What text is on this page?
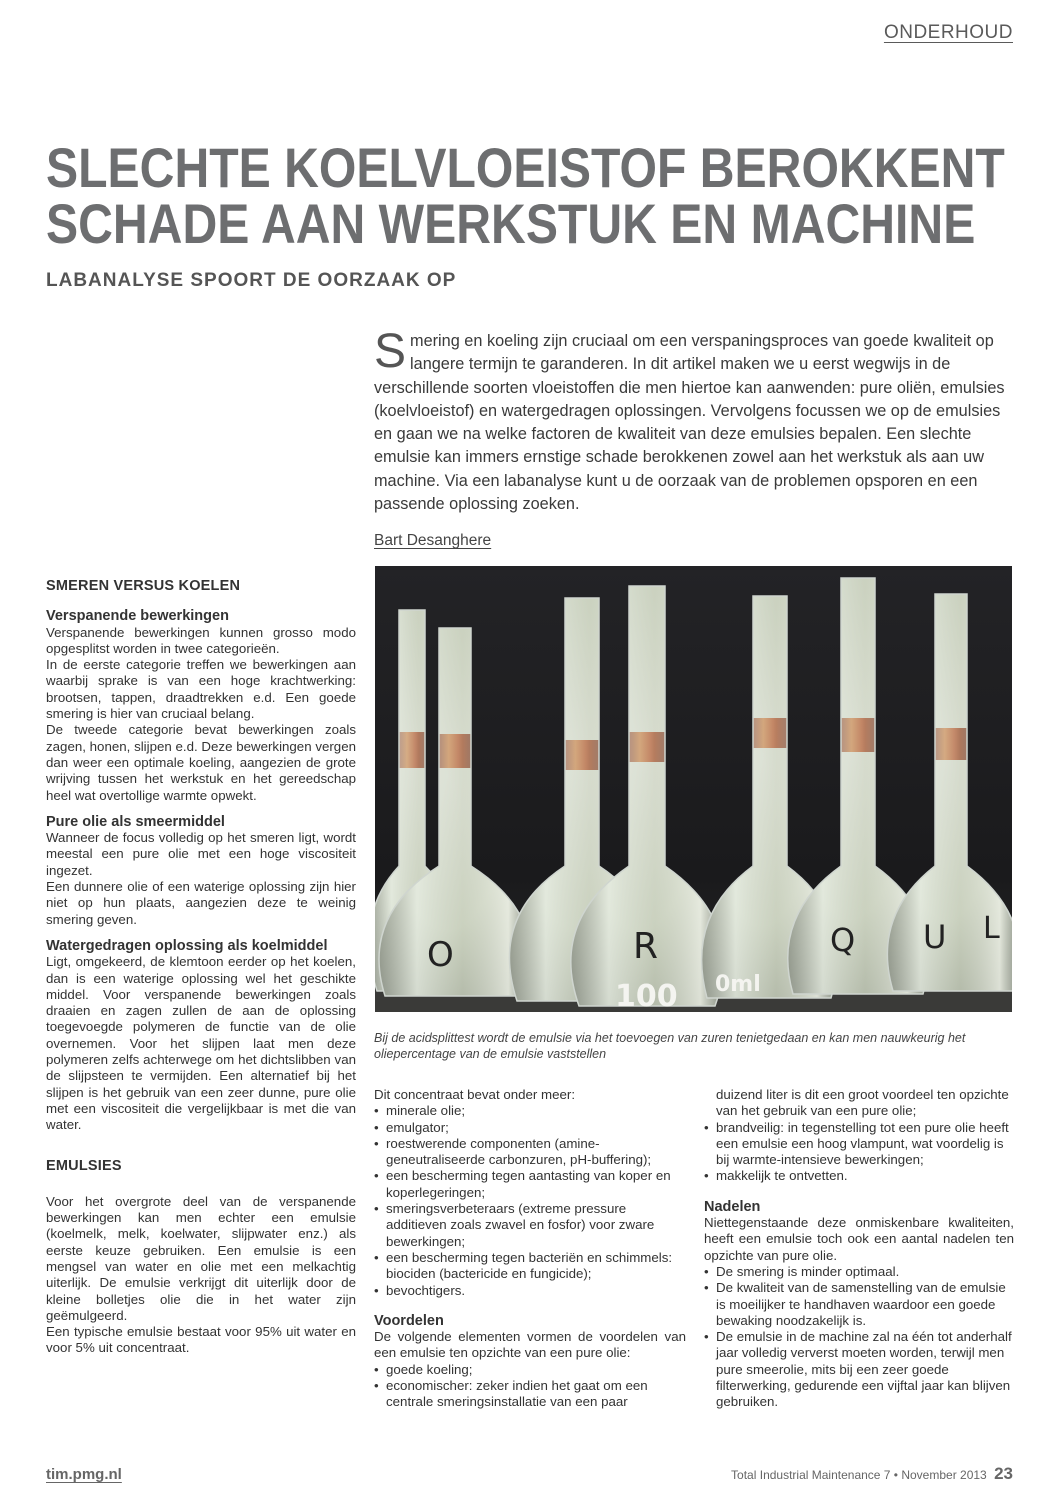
ONDERHOUD
SLECHTE KOELVLOEISTOF BEROKKENT
SCHADE AAN WERKSTUK EN MACHINE
LABANALYSE SPOORT DE OORZAAK OP
S mering en koeling zijn cruciaal om een verspaningsproces van goede kwaliteit op langere termijn te garanderen. In dit artikel maken we u eerst wegwijs in de verschillende soorten vloeistoffen die men hiertoe kan aanwenden: pure oliën, emulsies (koelvloeistof) en watergedragen oplossingen. Vervolgens focussen we op de emulsies en gaan we na welke factoren de kwaliteit van deze emulsies bepalen. Een slechte emulsie kan immers ernstige schade berokkenen zowel aan het werkstuk als aan uw machine. Via een labanalyse kunt u de oorzaak van de problemen opsporen en een passende oplossing zoeken.
Bart Desanghere
SMEREN VERSUS KOELEN
Verspanende bewerkingen

Verspanende bewerkingen kunnen grosso modo opgesplitst worden in twee categorieën.

In de eerste categorie treffen we bewerkingen aan waarbij sprake is van een hoge krachtwerking: brootsen, tappen, draadtrekken e.d. Een goede smering is hier van cruciaal belang.

De tweede categorie bevat bewerkingen zoals zagen, honen, slijpen e.d. Deze bewerkingen vergen dan weer een optimale koeling, aangezien de grote wrijving tussen het werkstuk en het gereedschap heel wat overtollige warmte opwekt.

Pure olie als smeermiddel

Wanneer de focus volledig op het smeren ligt, wordt meestal een pure olie met een hoge viscositeit ingezet.

Een dunnere olie of een waterige oplossing zijn hier niet op hun plaats, aangezien deze te weinig smering geven.

Watergedragen oplossing als koelmiddel

Ligt, omgekeerd, de klemtoon eerder op het koelen, dan is een waterige oplossing wel het geschikte middel. Voor verspanende bewerkingen zoals draaien en zagen zullen de aan de oplossing toegevoegde polymeren de functie van de olie overnemen. Voor het slijpen laat men deze polymeren zelfs achterwege om het dichtslibben van de slijpsteen te vermijden. Een alternatief bij het slijpen is het gebruik van een zeer dunne, pure olie met een viscositeit die vergelijkbaar is met die van water.

EMULSIES

Voor het overgrote deel van de verspanende bewerkingen kan men echter een emulsie (koelmelk, melk, koelwater, slijpwater enz.) als eerste keuze gebruiken. Een emulsie is een mengsel van water en olie met een melkachtig uiterlijk. De emulsie verkrijgt dit uiterlijk door de kleine bolletjes olie die in het water zijn geëmulgeerd.

Een typische emulsie bestaat voor 95% uit water en voor 5% uit concentraat.

O	R
100 0ml
Q U L
Bij de acidsplittest wordt de emulsie via het toevoegen van zuren tenietgedaan en kan men nauwkeurig het oliepercentage van de emulsie vaststellen

Dit concentraat bevat onder meer:

• minerale olie;
• emulgator;
• roestwerende componenten (amine-geneutraliseerde carbonzuren, pH-buffering);
• een bescherming tegen aantasting van koper en koperlegeringen;
• smeringsverbeteraars (extreme pressure additieven zoals zwavel en fosfor) voor zware bewerkingen;
• een bescherming tegen bacteriën en schimmels: biociden (bactericide en fungicide);
• bevochtigers.
Voordelen

De volgende elementen vormen de voordelen van een emulsie ten opzichte van een pure olie:

• goede koeling;
• economischer: zeker indien het gaat om een centrale smeringsinstallatie van een paar

duizend liter is dit een groot voordeel ten opzichte van het gebruik van een pure olie;

• brandveilig: in tegenstelling tot een pure olie heeft een emulsie een hoog vlampunt, wat voordelig is bij warmte-intensieve bewerkingen;
• makkelijk te ontvetten.
Nadelen

Niettegenstaande deze onmiskenbare kwaliteiten, heeft een emulsie toch ook een aantal nadelen ten opzichte van pure olie.

• De smering is minder optimaal.
• De kwaliteit van de samenstelling van de emulsie is moeilijker te handhaven waardoor een goede bewaking noodzakelijk is.
• De emulsie in de machine zal na één tot anderhalf jaar volledig ververst moeten worden, terwijl men pure smeerolie, mits bij een zeer goede filterwerking, gedurende een vijftal jaar kan blijven gebruiken.
tim.pmg.nl	Total Industrial Maintenance 7 • November 2013 23
